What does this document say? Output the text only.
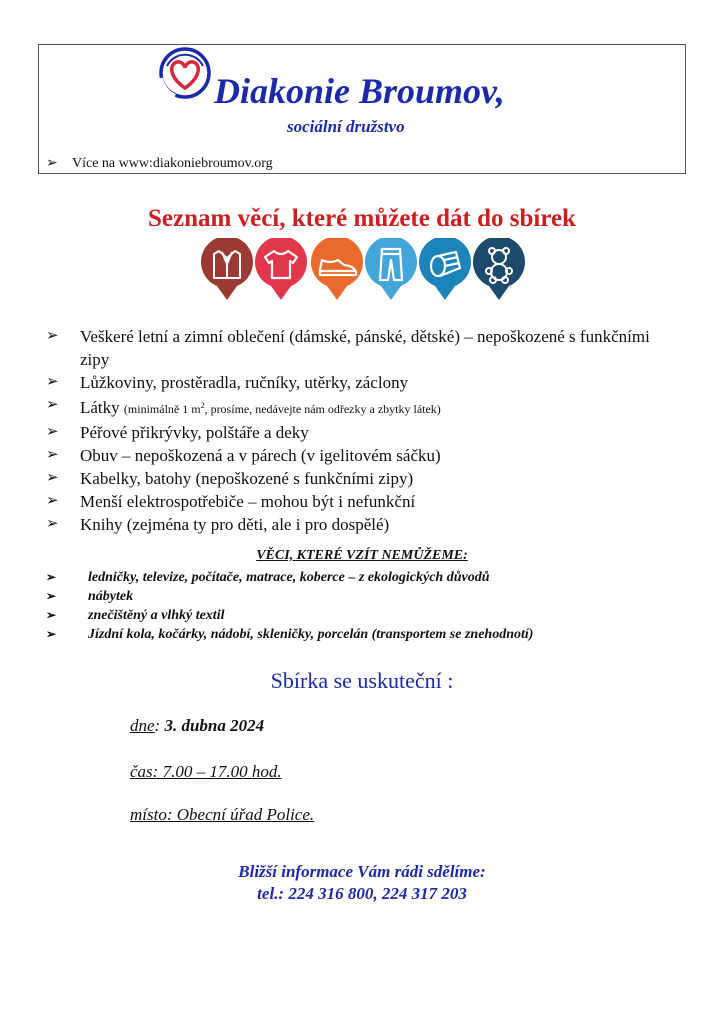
Diakonie Broumov,
sociální družstvo
➢ Více na www:diakoniebroumov.org
Seznam věcí, které můžete dát do sbírek
➢ Veškeré letní a zimní oblečení (dámské, pánské, dětské) – nepoškozené s funkčními zipy
➢ Lůžkoviny, prostěradla, ručníky, utěrky, záclony
➢ Látky (minimálně 1 $m^2$, prosíme, nedávejte nám odřezky a zbytky látek)
➢ Péřové přikrývky, polštáře a deky
➢ Obuv – nepoškozená a v párech (v igelitovém sáčku)
➢ Kabelky, batohy (nepoškozené s funkčními zipy)
➢ Menší elektrospotřebiče – mohou být i nefunkční
➢ Knihy (zejména ty pro děti, ale i pro dospělé)
VĚCI, KTERÉ VZÍT NEMŮŽEME:
➢ ledničky, televize, počítače, matrace, koberce – z ekologických důvodů
➢ nábytek
➢ znečištěný a vlhký textil
➢ Jízdní kola, kočárky, nádobí, skleničky, porcelán (transportem se znehodnotí)
Sbírka se uskuteční :
dne: 3. dubna 2024
čas: 7.00 – 17.00 hod.
místo: Obecní úřad Police.
Bližší informace Vám rádi sdělíme:
tel.: 224 316 800, 224 317 203
